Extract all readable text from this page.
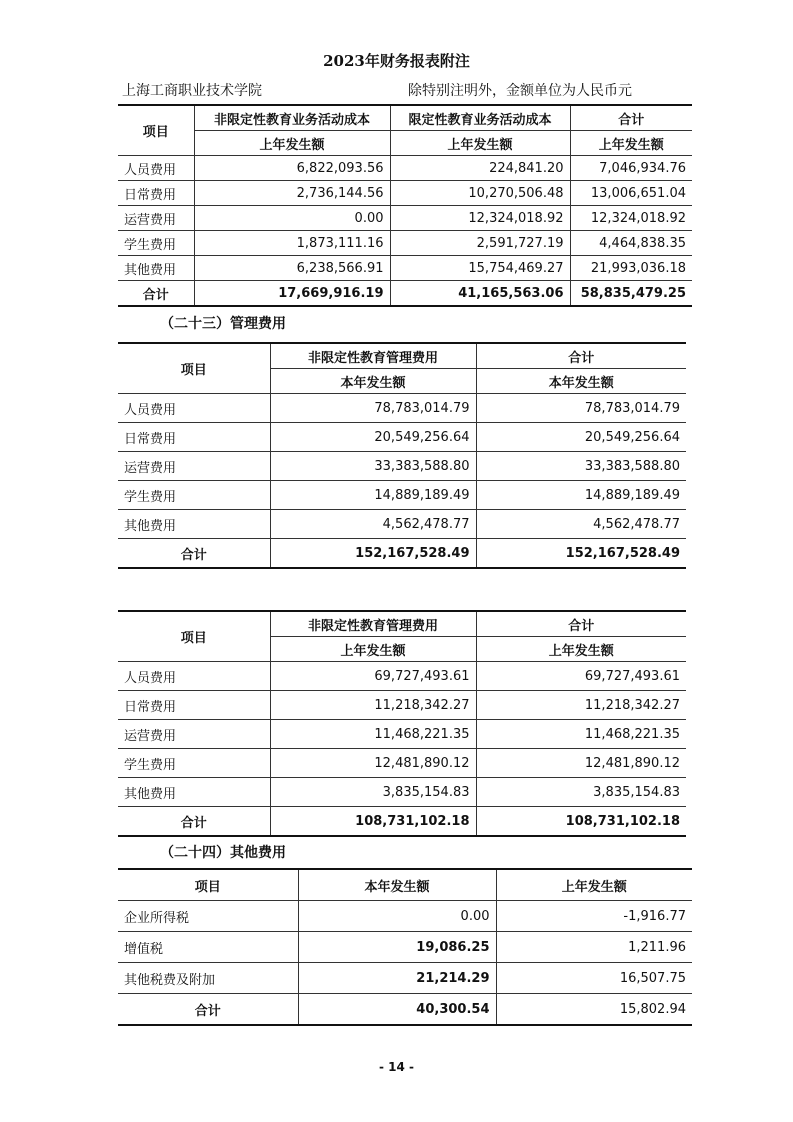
2023年财务报表附注
上海工商职业技术学院	除特别注明外，金额单位为人民币元
项目	非限定性教育业务活动成本	限定性教育业务活动成本	合计
	上年发生额	上年发生额	上年发生额
人员费用	6,822,093.56	224,841.20	7,046,934.76
日常费用	2,736,144.56	10,270,506.48	13,006,651.04
运营费用	0.00	12,324,018.92	12,324,018.92
学生费用	1,873,111.16	2,591,727.19	4,464,838.35
其他费用	6,238,566.91	15,754,469.27	21,993,036.18
合计	17,669,916.19	41,165,563.06	58,835,479.25
（二十三）管理费用
项目	非限定性教育管理费用	合计
	本年发生额	本年发生额
人员费用	78,783,014.79	78,783,014.79
日常费用	20,549,256.64	20,549,256.64
运营费用	33,383,588.80	33,383,588.80
学生费用	14,889,189.49	14,889,189.49
其他费用	4,562,478.77	4,562,478.77
合计	152,167,528.49	152,167,528.49
项目	非限定性教育管理费用	合计
	上年发生额	上年发生额
人员费用	69,727,493.61	69,727,493.61
日常费用	11,218,342.27	11,218,342.27
运营费用	11,468,221.35	11,468,221.35
学生费用	12,481,890.12	12,481,890.12
其他费用	3,835,154.83	3,835,154.83
合计	108,731,102.18	108,731,102.18
（二十四）其他费用
项目	本年发生额	上年发生额
企业所得税	0.00	-1,916.77
增值税	19,086.25	1,211.96
其他税费及附加	21,214.29	16,507.75
合计	40,300.54	15,802.94
- 14 -
